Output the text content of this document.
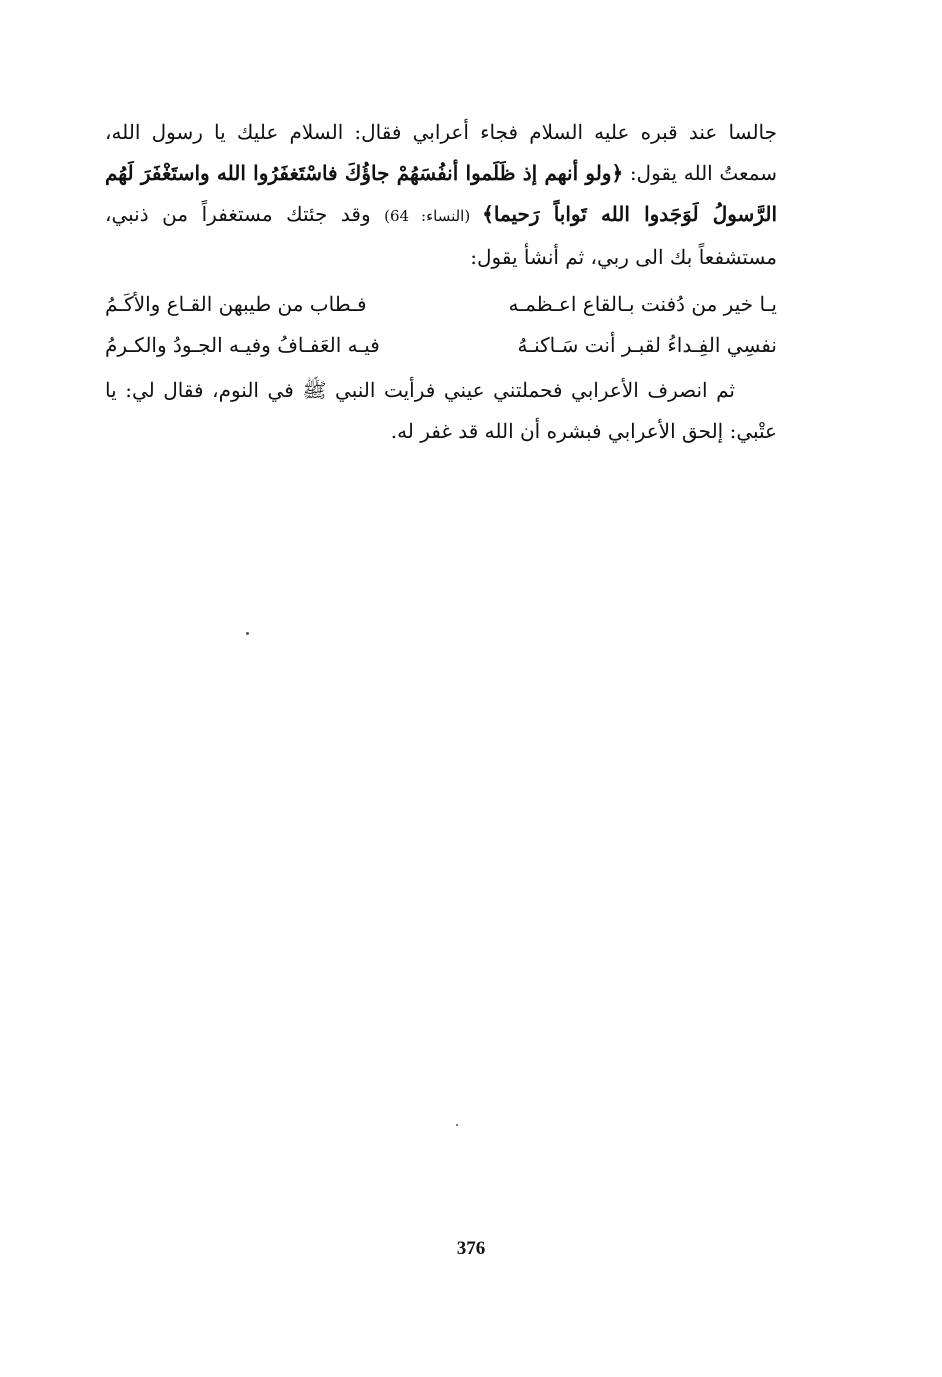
جالسا عند قبره عليه السلام فجاء أعرابي فقال: السلام عليك يا رسول الله، سمعتُ الله يقول: ﴿ولو أنهم إذ ظَلَموا أنفُسَهُمْ جاؤُكَ فاسْتَغفَرُوا الله واستَغْفَرَ لَهُم الرَّسولُ لَوَجَدوا الله تَواباً رَحيما﴾ (النساء: 64) وقد جئتك مستغفراً من ذنبي، مستشفعاً بك الى ربي، ثم أنشأ يقول:

يـا خير من دُفنت بـالقاع اعـظمـه
فـطاب من طيبهن القـاع والأكَـمُ
نفسِي الفِـداءُ لقبـر أنت سَـاكنـهُ
فيـه العَفـافُ وفيـه الجـودُ والكـرمُ

ثم انصرف الأعرابي فحملتني عيني فرأيت النبي ﷺ في النوم، فقال لي: يا عتْبي: إلحق الأعرابي فبشره أن الله قد غفر له.

376
